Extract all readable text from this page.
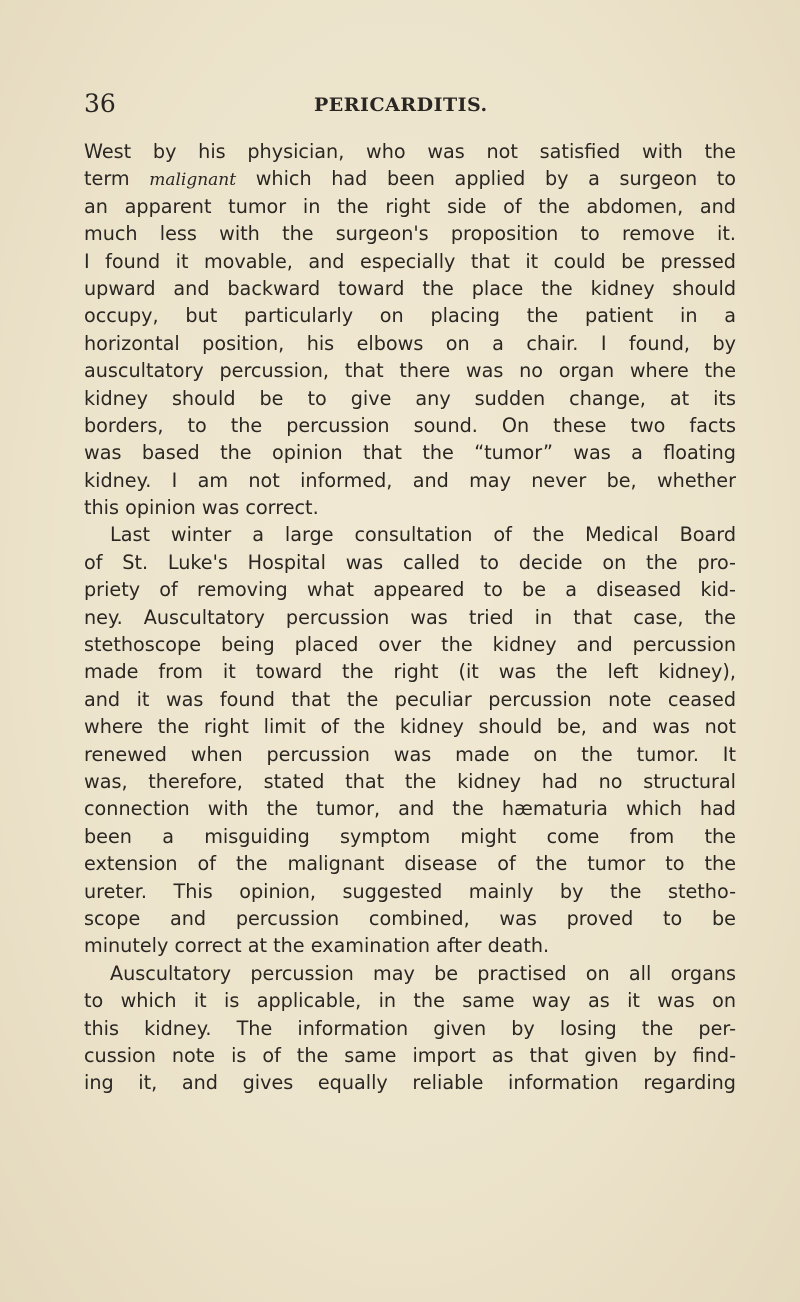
36	PERICARDITIS.
West by his physician, who was not satisfied with the
term malignant which had been applied by a surgeon to
an apparent tumor in the right side of the abdomen, and
much less with the surgeon's proposition to remove it.
I found it movable, and especially that it could be pressed
upward and backward toward the place the kidney should
occupy, but particularly on placing the patient in a
horizontal position, his elbows on a chair. I found, by
auscultatory percussion, that there was no organ where the
kidney should be to give any sudden change, at its
borders, to the percussion sound. On these two facts
was based the opinion that the “tumor” was a floating
kidney. I am not informed, and may never be, whether
this opinion was correct.
Last winter a large consultation of the Medical Board
of St. Luke's Hospital was called to decide on the pro-
priety of removing what appeared to be a diseased kid-
ney. Auscultatory percussion was tried in that case, the
stethoscope being placed over the kidney and percussion
made from it toward the right (it was the left kidney),
and it was found that the peculiar percussion note ceased
where the right limit of the kidney should be, and was not
renewed when percussion was made on the tumor. It
was, therefore, stated that the kidney had no structural
connection with the tumor, and the hæmaturia which had
been a misguiding symptom might come from the
extension of the malignant disease of the tumor to the
ureter. This opinion, suggested mainly by the stetho-
scope and percussion combined, was proved to be
minutely correct at the examination after death.
Auscultatory percussion may be practised on all organs
to which it is applicable, in the same way as it was on
this kidney. The information given by losing the per-
cussion note is of the same import as that given by find-
ing it, and gives equally reliable information regarding
